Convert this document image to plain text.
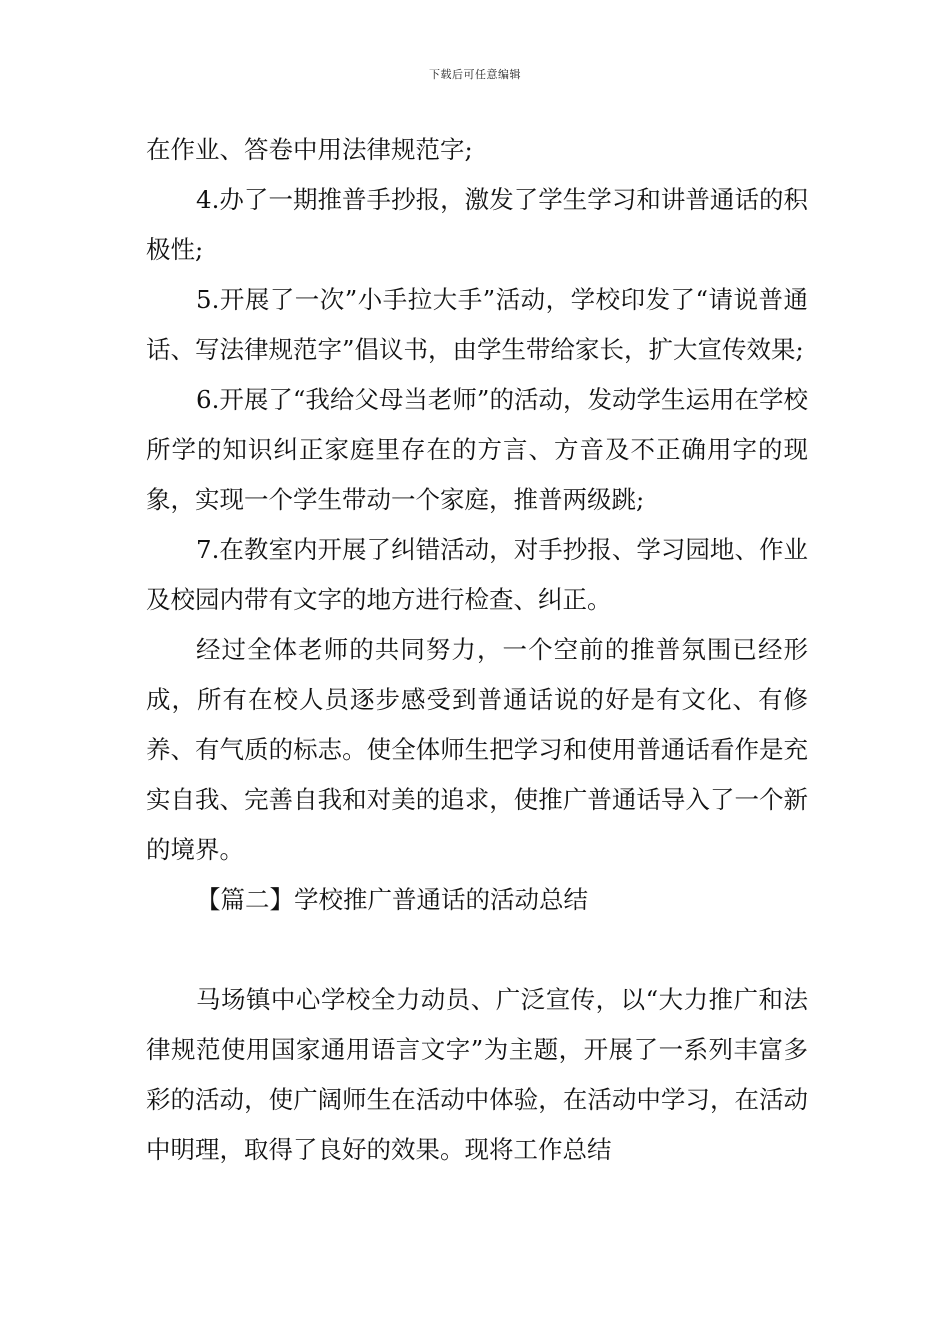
下载后可任意编辑

在作业、答卷中用法律规范字;

4.办了一期推普手抄报，激发了学生学习和讲普通话的积极性;

5.开展了一次”小手拉大手”活动，学校印发了“请说普通话、写法律规范字”倡议书，由学生带给家长，扩大宣传效果;

6.开展了“我给父母当老师”的活动，发动学生运用在学校所学的知识纠正家庭里存在的方言、方音及不正确用字的现象，实现一个学生带动一个家庭，推普两级跳;

7.在教室内开展了纠错活动，对手抄报、学习园地、作业及校园内带有文字的地方进行检查、纠正。

经过全体老师的共同努力，一个空前的推普氛围已经形成，所有在校人员逐步感受到普通话说的好是有文化、有修养、有气质的标志。使全体师生把学习和使用普通话看作是充实自我、完善自我和对美的追求，使推广普通话导入了一个新的境界。

【篇二】学校推广普通话的活动总结

马场镇中心学校全力动员、广泛宣传，以“大力推广和法律规范使用国家通用语言文字”为主题，开展了一系列丰富多彩的活动，使广阔师生在活动中体验，在活动中学习，在活动中明理，取得了良好的效果。现将工作总结
